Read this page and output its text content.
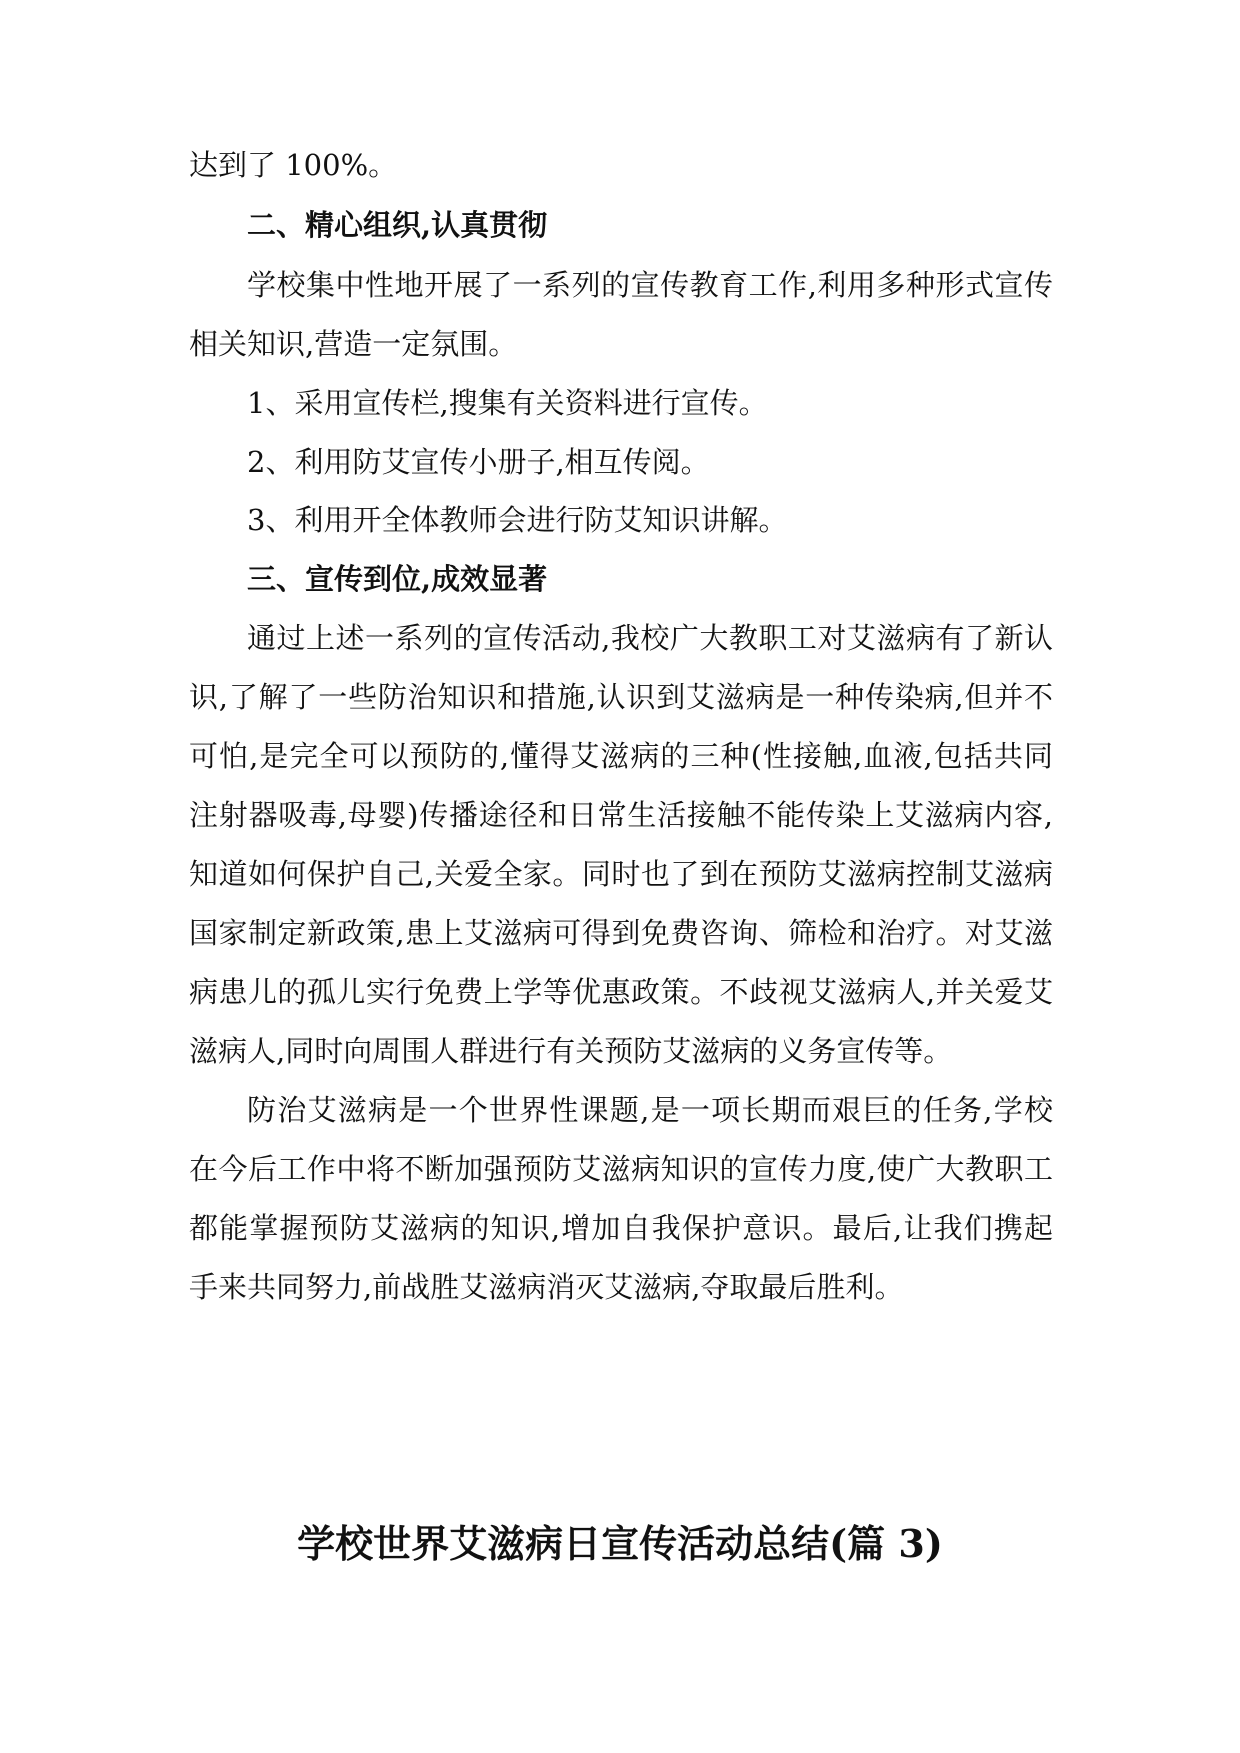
达到了 100%。
二、精心组织,认真贯彻
学校集中性地开展了一系列的宣传教育工作,利用多种形式宣传
相关知识,营造一定氛围。
1、采用宣传栏,搜集有关资料进行宣传。
2、利用防艾宣传小册子,相互传阅。
3、利用开全体教师会进行防艾知识讲解。
三、宣传到位,成效显著
通过上述一系列的宣传活动,我校广大教职工对艾滋病有了新认
识,了解了一些防治知识和措施,认识到艾滋病是一种传染病,但并不
可怕,是完全可以预防的,懂得艾滋病的三种(性接触,血液,包括共同
注射器吸毒,母婴)传播途径和日常生活接触不能传染上艾滋病内容,
知道如何保护自己,关爱全家。同时也了到在预防艾滋病控制艾滋病
国家制定新政策,患上艾滋病可得到免费咨询、筛检和治疗。对艾滋
病患儿的孤儿实行免费上学等优惠政策。不歧视艾滋病人,并关爱艾
滋病人,同时向周围人群进行有关预防艾滋病的义务宣传等。
防治艾滋病是一个世界性课题,是一项长期而艰巨的任务,学校
在今后工作中将不断加强预防艾滋病知识的宣传力度,使广大教职工
都能掌握预防艾滋病的知识,增加自我保护意识。最后,让我们携起
手来共同努力,前战胜艾滋病消灭艾滋病,夺取最后胜利。
学校世界艾滋病日宣传活动总结(篇 3)
